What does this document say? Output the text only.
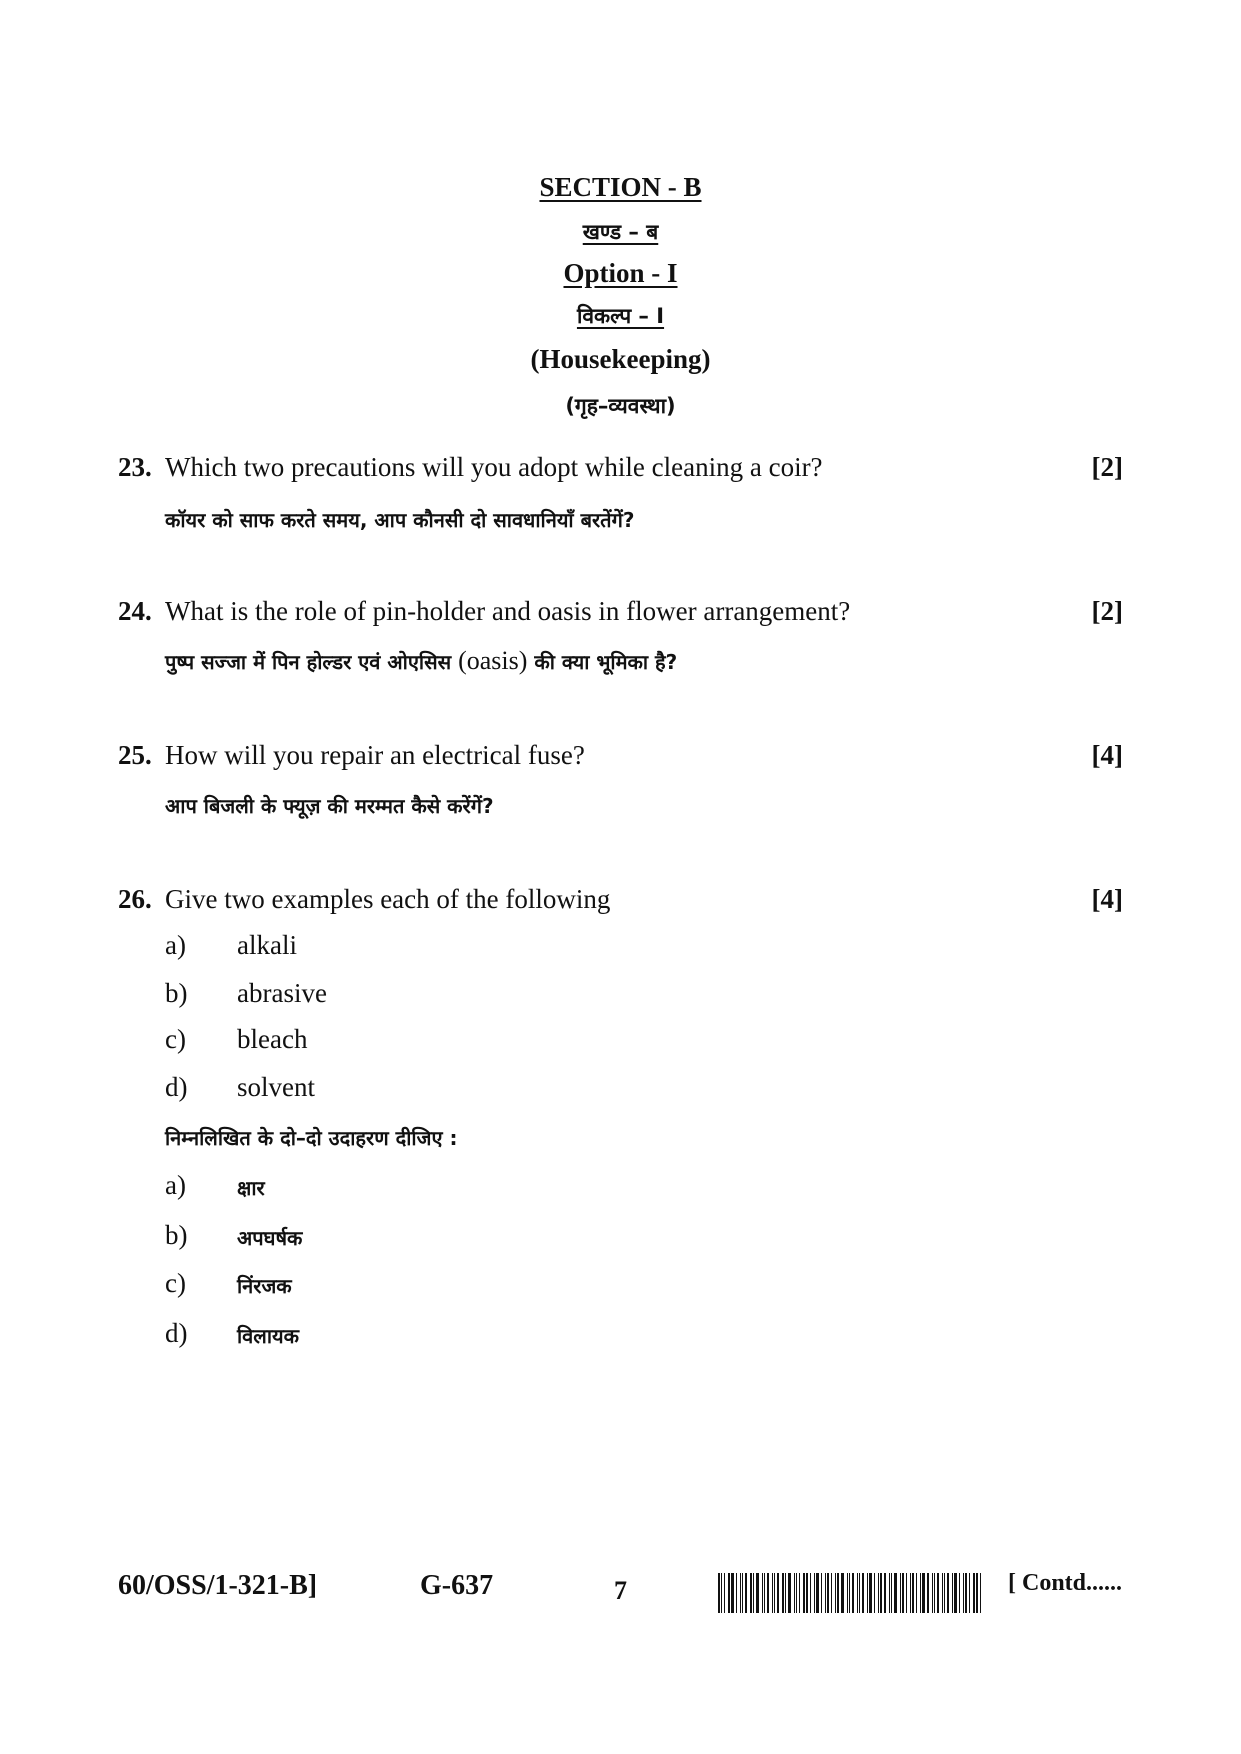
SECTION - B
खण्ड – ब
Option - I
विकल्प – I
(Housekeeping)
(गृह–व्यवस्था)
23. Which two precautions will you adopt while cleaning a coir?	[2]
कॉयर को साफ करते समय, आप कौनसी दो सावधानियाँ बरतेंगें?
24. What is the role of pin-holder and oasis in flower arrangement?	[2]
पुष्प सज्जा में पिन होल्डर एवं ओएसिस (oasis) की क्या भूमिका है?
25. How will you repair an electrical fuse?	[4]
आप बिजली के फ्यूज़ की मरम्मत कैसे करेंगें?
26. Give two examples each of the following	[4]
a) alkali
b) abrasive
c) bleach
d) solvent
निम्नलिखित के दो–दो उदाहरण दीजिए :
a)	क्षार
b) अपघर्षक
c)	निंरजक
d) विलायक
60/OSS/1-321-B]	G-637	7	[ Contd......
